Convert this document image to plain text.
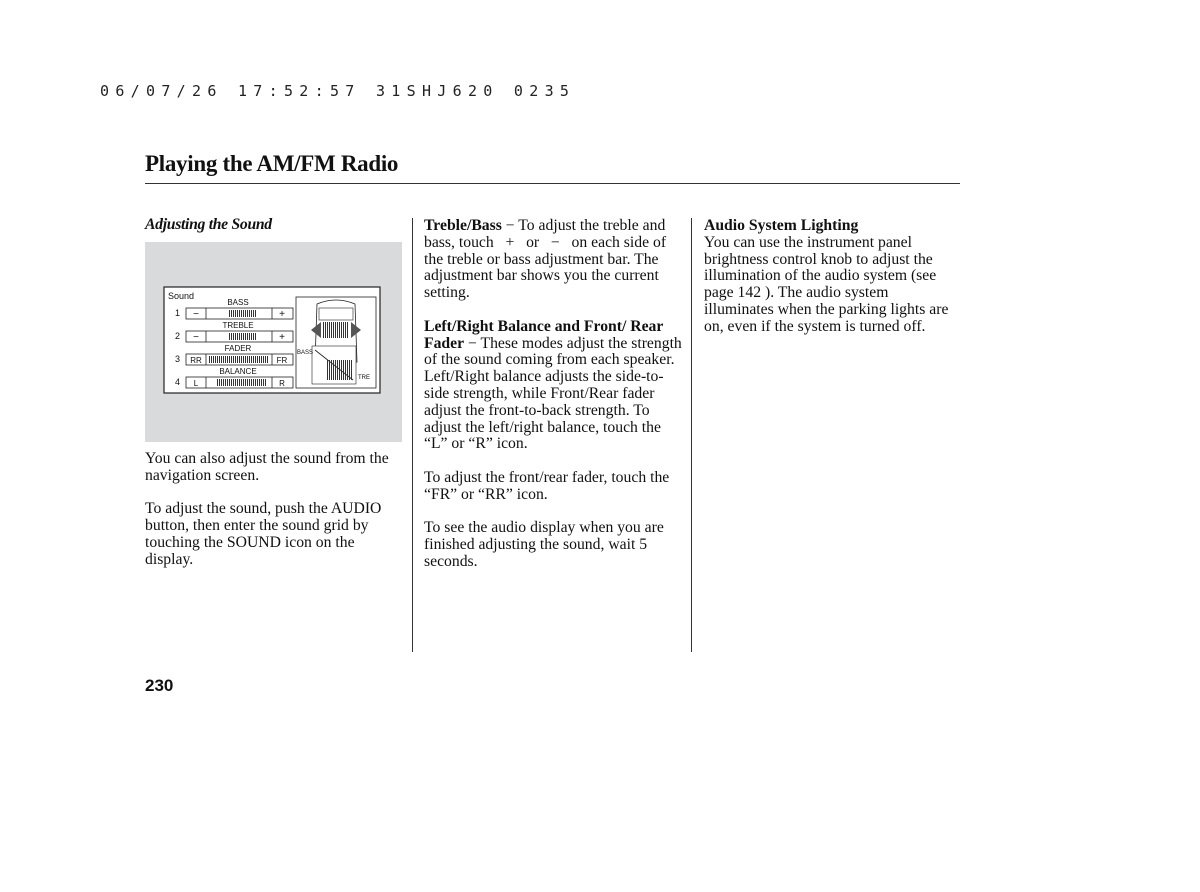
06/07/26 17:52:57 31SHJ620 0235
Playing the AM/FM Radio
Adjusting the Sound
Sound
BASS
1 −	+
TREBLE
2 −	+
FADER
3 RR	FR
BALANCE
4 L	R
BASS
TRE

You can also adjust the sound from the navigation screen.

To adjust the sound, push the AUDIO button, then enter the sound grid by touching the SOUND icon on the display.

Treble/Bass − To adjust the treble and bass, touch   +   or   −   on each side of the treble or bass adjustment bar. The adjustment bar shows you the current setting.

Left/Right Balance and Front/ Rear Fader − These modes adjust the strength of the sound coming from each speaker. Left/Right balance adjusts the side-to-side strength, while Front/Rear fader adjust the front-to-back strength. To adjust the left/right balance, touch the “L” or “R” icon.

To adjust the front/rear fader, touch the “FR” or “RR” icon.

To see the audio display when you are finished adjusting the sound, wait 5 seconds.

Audio System Lighting

You can use the instrument panel brightness control knob to adjust the illumination of the audio system (see page 142 ). The audio system illuminates when the parking lights are on, even if the system is turned off.

230
